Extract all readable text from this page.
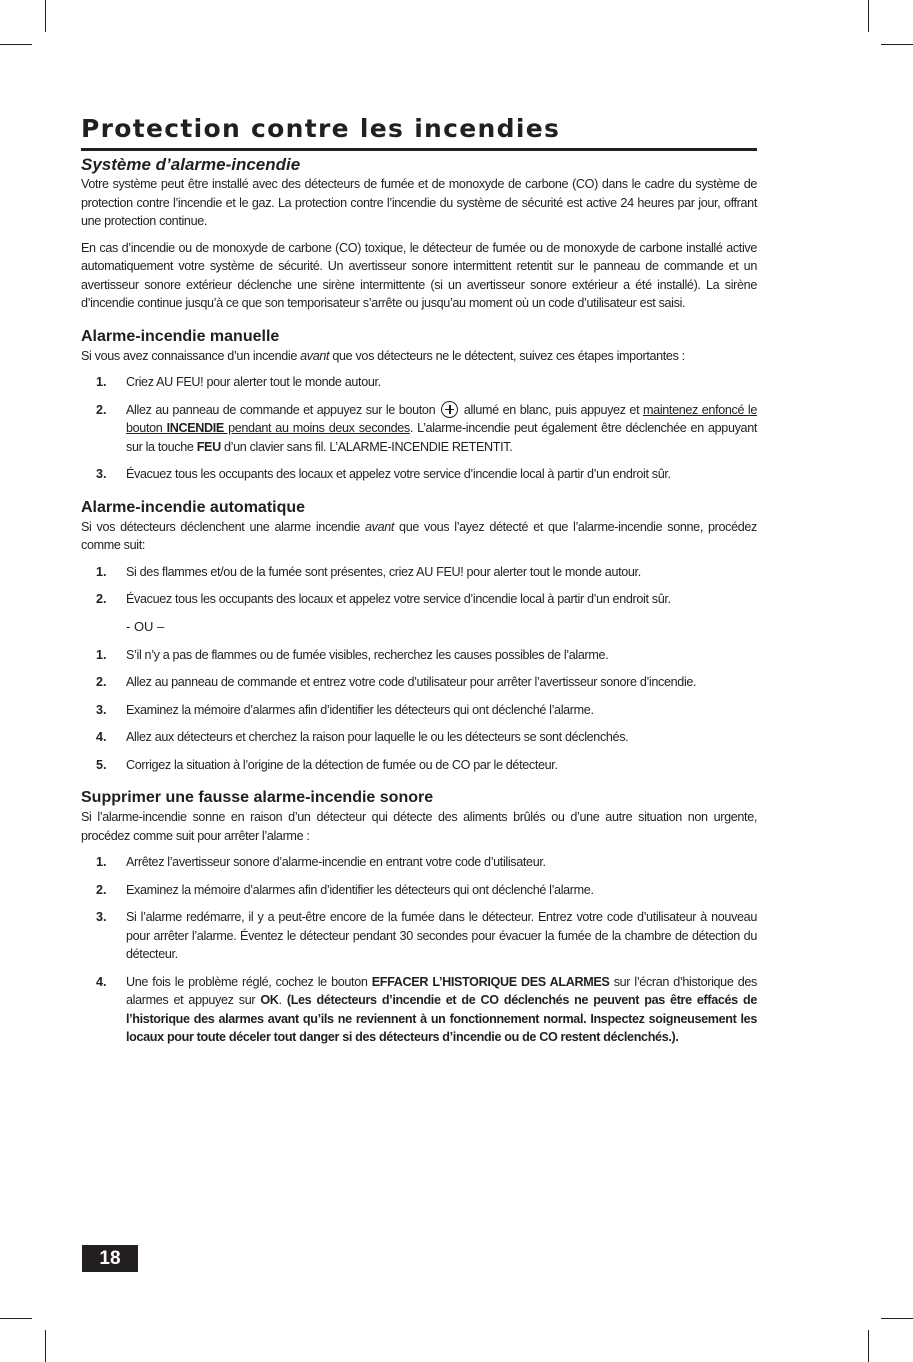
Protection contre les incendies
Système d’alarme-incendie

Votre système peut être installé avec des détecteurs de fumée et de monoxyde de carbone (CO) dans le cadre du système de protection contre l’incendie et le gaz. La protection contre l’incendie du système de sécurité est active 24 heures par jour, offrant une protection continue.

En cas d’incendie ou de monoxyde de carbone (CO) toxique, le détecteur de fumée ou de monoxyde de carbone installé active automatiquement votre système de sécurité. Un avertisseur sonore intermittent retentit sur le panneau de commande et un avertisseur sonore extérieur déclenche une sirène intermittente (si un avertisseur sonore extérieur a été installé). La sirène d’incendie continue jusqu’à ce que son temporisateur s’arrête ou jusqu’au moment où un code d’utilisateur est saisi.

Alarme-incendie manuelle

Si vous avez connaissance d’un incendie avant que vos détecteurs ne le détectent, suivez ces étapes importantes :

1. Criez AU FEU! pour alerter tout le monde autour.

2. Allez au panneau de commande et appuyez sur le bouton allumé en blanc, puis appuyez et maintenez enfoncé le bouton INCENDIE pendant au moins deux secondes. L’alarme-incendie peut également être déclenchée en appuyant sur la touche FEU d’un clavier sans fil. L’ALARME-INCENDIE RETENTIT.

3. Évacuez tous les occupants des locaux et appelez votre service d’incendie local à partir d’un endroit sûr.

Alarme-incendie automatique

Si vos détecteurs déclenchent une alarme incendie avant que vous l’ayez détecté et que l’alarme-incendie sonne, procédez comme suit:

1. Si des flammes et/ou de la fumée sont présentes, criez AU FEU! pour alerter tout le monde autour.

2. Évacuez tous les occupants des locaux et appelez votre service d’incendie local à partir d’un endroit sûr.

- OU –
1. S’il n’y a pas de flammes ou de fumée visibles, recherchez les causes possibles de l’alarme.

2. Allez au panneau de commande et entrez votre code d’utilisateur pour arrêter l’avertisseur sonore d’incendie.

3. Examinez la mémoire d’alarmes afin d’identifier les détecteurs qui ont déclenché l’alarme.

4. Allez aux détecteurs et cherchez la raison pour laquelle le ou les détecteurs se sont déclenchés.

5. Corrigez la situation à l’origine de la détection de fumée ou de CO par le détecteur.

Supprimer une fausse alarme-incendie sonore

Si l’alarme-incendie sonne en raison d’un détecteur qui détecte des aliments brûlés ou d’une autre situation non urgente, procédez comme suit pour arrêter l’alarme :

1. Arrêtez l’avertisseur sonore d’alarme-incendie en entrant votre code d’utilisateur.

2. Examinez la mémoire d’alarmes afin d’identifier les détecteurs qui ont déclenché l’alarme.

3. Si l’alarme redémarre, il y a peut-être encore de la fumée dans le détecteur. Entrez votre code d’utilisateur à nouveau pour arrêter l’alarme. Éventez le détecteur pendant 30 secondes pour évacuer la fumée de la chambre de détection du détecteur.

4. Une fois le problème réglé, cochez le bouton EFFACER L’HISTORIQUE DES ALARMES sur l’écran d’historique des alarmes et appuyez sur OK. (Les détecteurs d’incendie et de CO déclenchés ne peuvent pas être effacés de l’historique des alarmes avant qu’ils ne reviennent à un fonctionnement normal. Inspectez soigneusement les locaux pour toute déceler tout danger si des détecteurs d’incendie ou de CO restent déclenchés.).

18
